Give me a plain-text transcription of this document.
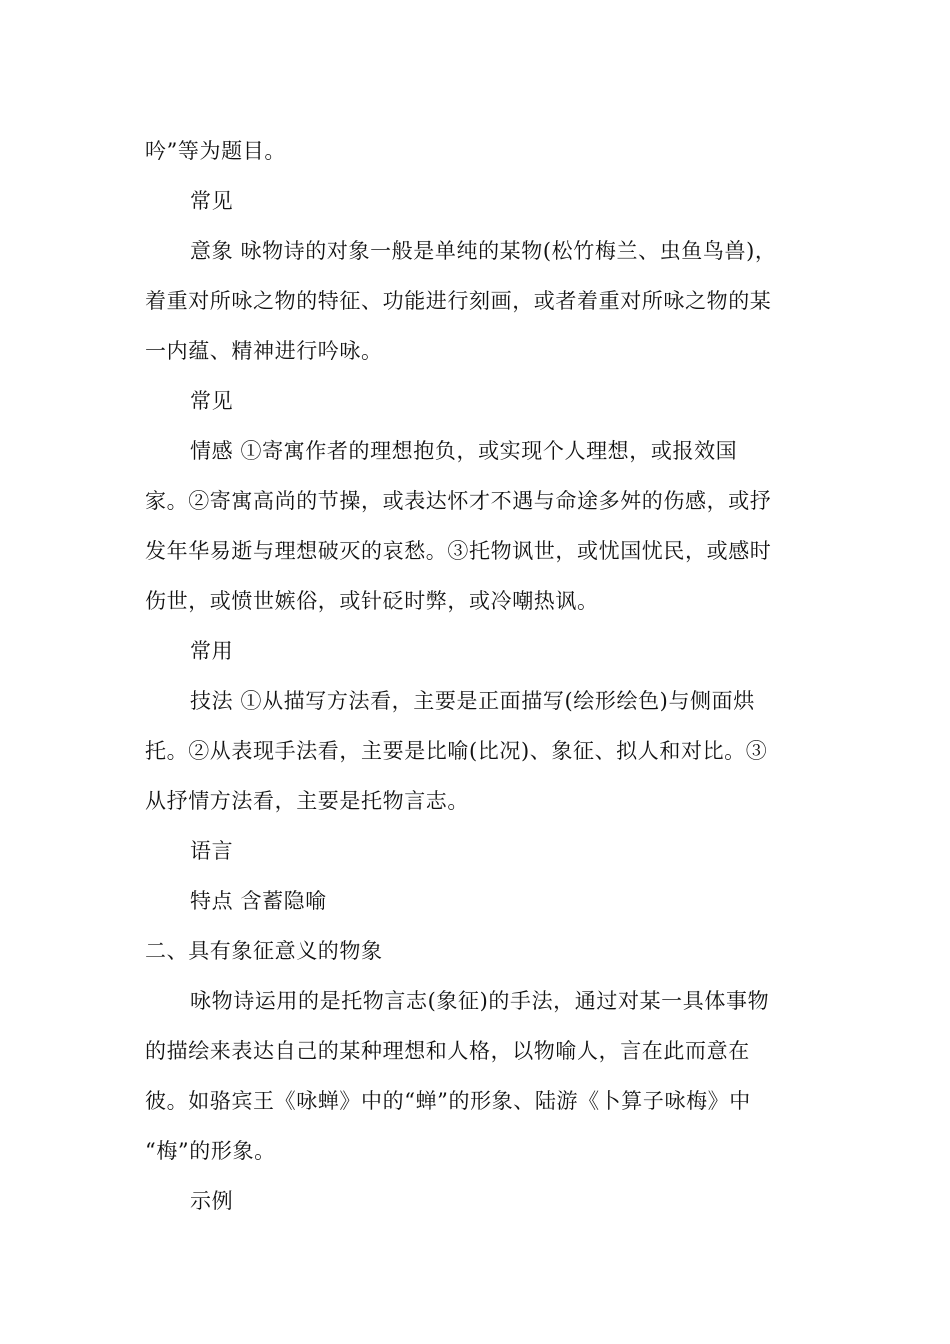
吟”等为题目。
常见
意象 咏物诗的对象一般是单纯的某物(松竹梅兰、虫鱼鸟兽)，
着重对所咏之物的特征、功能进行刻画，或者着重对所咏之物的某
一内蕴、精神进行吟咏。
常见
情感 ①寄寓作者的理想抱负，或实现个人理想，或报效国
家。②寄寓高尚的节操，或表达怀才不遇与命途多舛的伤感，或抒
发年华易逝与理想破灭的哀愁。③托物讽世，或忧国忧民，或感时
伤世，或愤世嫉俗，或针砭时弊，或冷嘲热讽。
常用
技法 ①从描写方法看，主要是正面描写(绘形绘色)与侧面烘
托。②从表现手法看，主要是比喻(比况)、象征、拟人和对比。③
从抒情方法看，主要是托物言志。
语言
特点 含蓄隐喻
二、具有象征意义的物象
咏物诗运用的是托物言志(象征)的手法，通过对某一具体事物
的描绘来表达自己的某种理想和人格，以物喻人，言在此而意在
彼。如骆宾王《咏蝉》中的“蝉”的形象、陆游《卜算子咏梅》中
“梅”的形象。
示例
